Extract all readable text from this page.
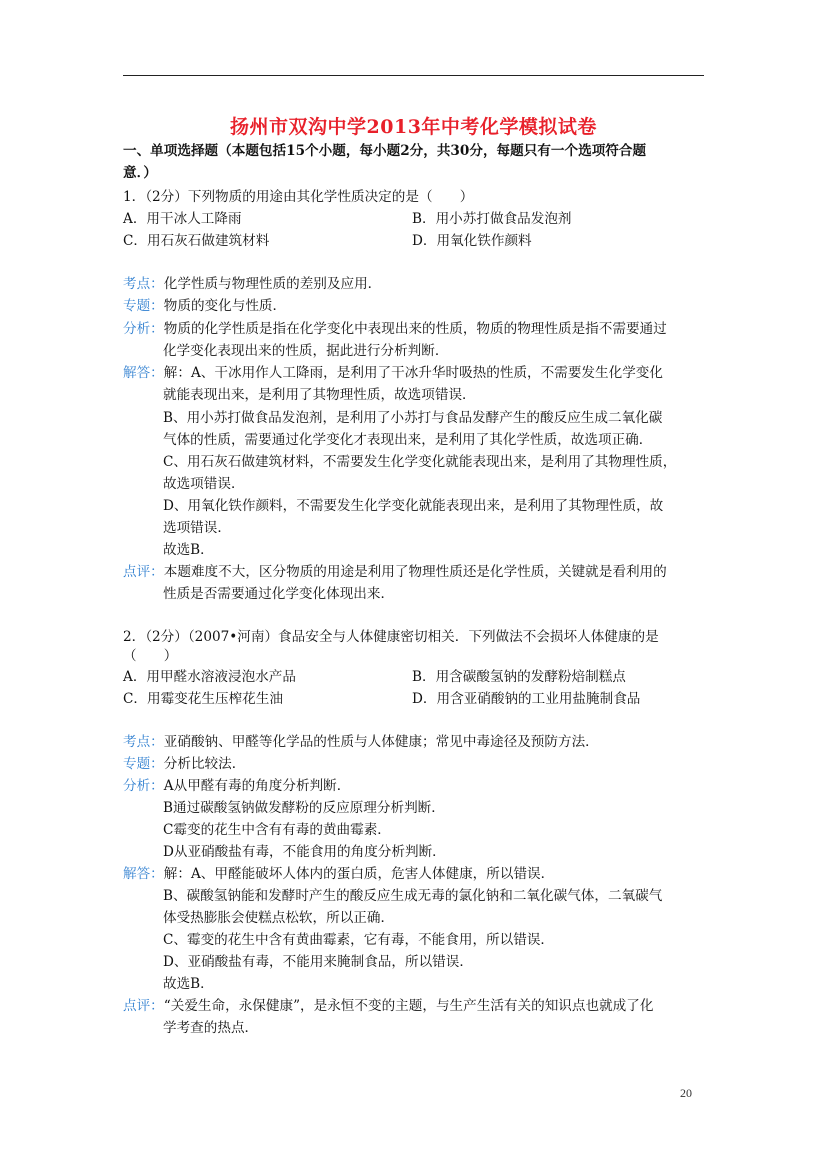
扬州市双沟中学2013年中考化学模拟试卷
一、单项选择题（本题包括15个小题，每小题2分，共30分，每题只有一个选项符合题
意．）
1．（2分）下列物质的用途由其化学性质决定的是（　　）
A．用干冰人工降雨	B．用小苏打做食品发泡剂
C．用石灰石做建筑材料	D．用氧化铁作颜料
考点：化学性质与物理性质的差别及应用．
专题：物质的变化与性质．
分析：物质的化学性质是指在化学变化中表现出来的性质，物质的物理性质是指不需要通过
化学变化表现出来的性质，据此进行分析判断．
解答：解：A、干冰用作人工降雨，是利用了干冰升华时吸热的性质，不需要发生化学变化
就能表现出来，是利用了其物理性质，故选项错误．
B、用小苏打做食品发泡剂，是利用了小苏打与食品发酵产生的酸反应生成二氧化碳
气体的性质，需要通过化学变化才表现出来，是利用了其化学性质，故选项正确．
C、用石灰石做建筑材料，不需要发生化学变化就能表现出来，是利用了其物理性质，
故选项错误．
D、用氧化铁作颜料，不需要发生化学变化就能表现出来，是利用了其物理性质，故
选项错误．
故选B．
点评：本题难度不大，区分物质的用途是利用了物理性质还是化学性质，关键就是看利用的
性质是否需要通过化学变化体现出来．
2．（2分）（2007•河南）食品安全与人体健康密切相关．下列做法不会损坏人体健康的是
（　　）
A．用甲醛水溶液浸泡水产品	B．用含碳酸氢钠的发酵粉焙制糕点
C．用霉变花生压榨花生油	D．用含亚硝酸钠的工业用盐腌制食品
考点：亚硝酸钠、甲醛等化学品的性质与人体健康；常见中毒途径及预防方法．
专题：分析比较法．
分析：A从甲醛有毒的角度分析判断．
B通过碳酸氢钠做发酵粉的反应原理分析判断．
C霉变的花生中含有有毒的黄曲霉素．
D从亚硝酸盐有毒，不能食用的角度分析判断．
解答：解：A、甲醛能破坏人体内的蛋白质，危害人体健康，所以错误．
B、碳酸氢钠能和发酵时产生的酸反应生成无毒的氯化钠和二氧化碳气体，二氧碳气
体受热膨胀会使糕点松软，所以正确．
C、霉变的花生中含有黄曲霉素，它有毒，不能食用，所以错误．
D、亚硝酸盐有毒，不能用来腌制食品，所以错误．
故选B．
点评：“关爱生命，永保健康”，是永恒不变的主题，与生产生活有关的知识点也就成了化
学考查的热点．
20
